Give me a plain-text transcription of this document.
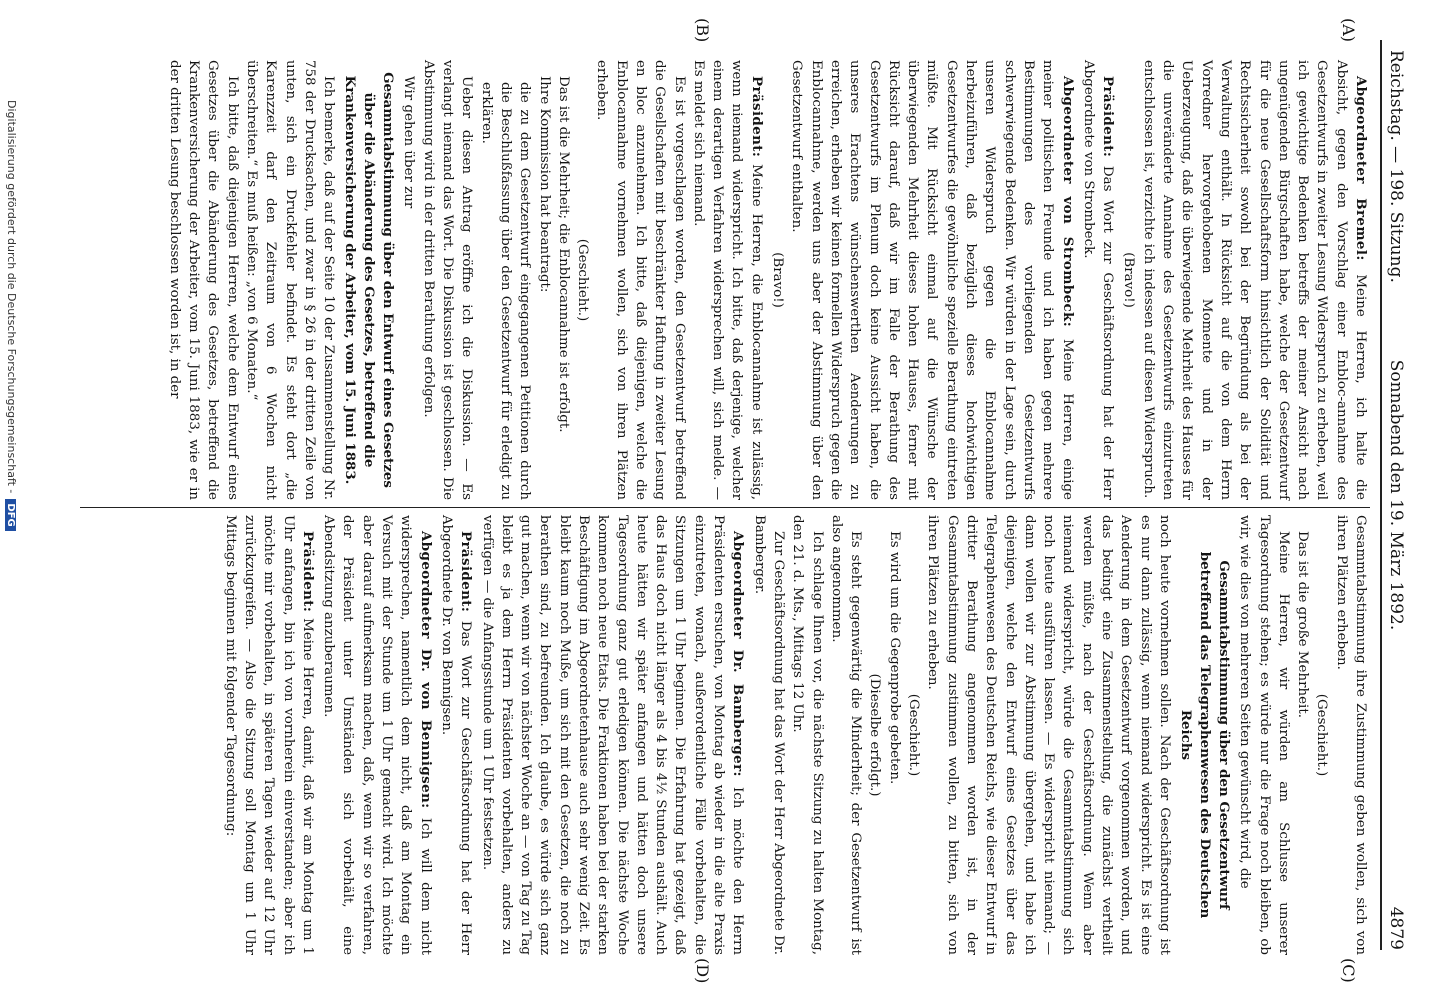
Reichstag. — 198. Sitzung.
Sonnabend den 19. März 1892.
4879
(A)
(B)
(C)
(D)

Abgeordneter Bremel: Meine Herren, ich halte die Absicht, gegen den Vorschlag einer Enbloc-annahme des Gesetzentwurfs in zweiter Lesung Widerspruch zu erheben, weil ich gewichtige Bedenken betreffs der meiner Ansicht nach ungenügenden Bürgschaften habe, welche der Gesetzentwurf für die neue Gesellschaftsform hinsichtlich der Solidität und Rechtssicherheit sowohl bei der Begründung als bei der Verwaltung enthält. In Rücksicht auf die von dem Herrn Vorredner hervorgehobenen Momente und in der Ueberzeugung, daß die überwiegende Mehrheit des Hauses für die unveränderte Annahme des Gesetzentwurfs einzutreten entschlossen ist, verzichte ich indessen auf diesen Widerspruch.

(Bravo!)

Präsident: Das Wort zur Geschäftsordnung hat der Herr Abgeordnete von Strombeck.

Abgeordneter von Strombeck: Meine Herren, einige meiner politischen Freunde und ich haben gegen mehrere Bestimmungen des vorliegenden Gesetzentwurfs schwerwiegende Bedenken. Wir würden in der Lage sein, durch unseren Widerspruch gegen die Enblocannahme herbeizuführen, daß bezüglich dieses hochwichtigen Gesetzentwurfes die gewöhnliche spezielle Berathung eintreten müßte. Mit Rücksicht einmal auf die Wünsche der überwiegenden Mehrheit dieses hohen Hauses, ferner mit Rücksicht darauf, daß wir im Falle der Berathung des Gesetzentwurfs im Plenum doch keine Aussicht haben, die unseres Erachtens wünschenswerthen Aenderungen zu erreichen, erheben wir keinen formellen Widerspruch gegen die Enblocannahme, werden uns aber der Abstimmung über den Gesetzentwurf enthalten.

(Bravo!)

Präsident: Meine Herren, die Enblocannahme ist zulässig, wenn niemand widerspricht. Ich bitte, daß derjenige, welcher einem derartigen Verfahren widersprechen will, sich melde. — Es meldet sich niemand.

Es ist vorgeschlagen worden, den Gesetzentwurf betreffend die Gesellschaften mit beschränkter Haftung in zweiter Lesung en bloc anzunehmen. Ich bitte, daß diejenigen, welche die Enblocannahme vornehmen wollen, sich von ihren Plätzen erheben.

(Geschieht.)

Das ist die Mehrheit; die Enblocannahme ist erfolgt.

Ihre Kommission hat beantragt:

die zu dem Gesetzentwurf eingegangenen Petitionen durch die Beschlußfassung über den Gesetzentwurf für erledigt zu erklären.

Ueber diesen Antrag eröffne ich die Diskussion. — Es verlangt niemand das Wort. Die Diskussion ist geschlossen. Die Abstimmung wird in der dritten Berathung erfolgen.

Wir gehen über zur

Gesammtabstimmung über den Entwurf eines Gesetzes über die Abänderung des Gesetzes, betreffend die Krankenversicherung der Arbeiter, vom 15. Juni 1883.

Ich bemerke, daß auf der Seite 10 der Zusammenstellung Nr. 758 der Drucksachen, und zwar in § 26 in der dritten Zeile von unten, sich ein Druckfehler befindet. Es steht dort „die Karenzzeit darf den Zeitraum von 6 Wochen nicht überschreiten.“ Es muß heißen: „von 6 Monaten.“

Ich bitte, daß diejenigen Herren, welche dem Entwurf eines Gesetzes über die Abänderung des Gesetzes, betreffend die Krankenversicherung der Arbeiter, vom 15. Juni 1883, wie er in der dritten Lesung beschlossen worden ist, in der

Gesammtabstimmung ihre Zustimmung geben wollen, sich von ihren Plätzen erheben.

(Geschieht.)

Das ist die große Mehrheit.

Meine Herren, wir würden am Schlusse unserer Tagesordnung stehen; es würde nur die Frage noch bleiben, ob wir, wie dies von mehreren Seiten gewünscht wird, die

Gesammtabstimmung über den Gesetzentwurf betreffend das Telegraphenwesen des Deutschen Reichs

noch heute vornehmen sollen. Nach der Geschäftsordnung ist es nur dann zulässig, wenn niemand widerspricht. Es ist eine Aenderung in dem Gesetzentwurf vorgenommen worden, und das bedingt eine Zusammenstellung, die zunächst vertheilt werden müßte, nach der Geschäftsordnung. Wenn aber niemand widerspricht, würde die Gesammtabstimmung sich noch heute ausführen lassen. — Es widerspricht niemand; — dann wollen wir zur Abstimmung übergehen, und habe ich diejenigen, welche den Entwurf eines Gesetzes über das Telegraphenwesen des Deutschen Reichs, wie dieser Entwurf in dritter Berathung angenommen worden ist, in der Gesammtabstimmung zustimmen wollen, zu bitten, sich von ihren Plätzen zu erheben.

(Geschieht.)

Es wird um die Gegenprobe gebeten.

(Dieselbe erfolgt.)

Es steht gegenwärtig die Minderheit; der Gesetzentwurf ist also angenommen.

Ich schlage Ihnen vor, die nächste Sitzung zu halten Montag, den 21. d. Mts., Mittags 12 Uhr.

Zur Geschäftsordnung hat das Wort der Herr Abgeordnete Dr. Bamberger.

Abgeordneter Dr. Bamberger: Ich möchte den Herrn Präsidenten ersuchen, von Montag ab wieder in die alte Praxis einzutreten, wonach, außerordentliche Fälle vorbehalten, die Sitzungen um 1 Uhr beginnen. Die Erfahrung hat gezeigt, daß das Haus doch nicht länger als 4 bis 4½ Stunden aushält. Auch heute hätten wir später anfangen und hätten doch unsere Tagesordnung ganz gut erledigen können. Die nächste Woche kommen noch neue Etats. Die Fraktionen haben bei der starken Beschäftigung im Abgeordnetenhause auch sehr wenig Zeit. Es bleibt kaum noch Muße, um sich mit den Gesetzen, die noch zu berathen sind, zu befreunden. Ich glaube, es würde sich ganz gut machen, wenn wir von nächster Woche an — von Tag zu Tag bleibt es ja dem Herrn Präsidenten vorbehalten, anders zu verfügen — die Anfangsstunde um 1 Uhr festsetzen.

Präsident: Das Wort zur Geschäftsordnung hat der Herr Abgeordnete Dr. von Bennigsen.

Abgeordneter Dr. von Bennigsen: Ich will dem nicht widersprechen, namentlich dem nicht, daß am Montag ein Versuch mit der Stunde um 1 Uhr gemacht wird. Ich möchte aber darauf aufmerksam machen, daß, wenn wir so verfahren, der Präsident unter Umständen sich vorbehält, eine Abendsitzung anzuberaumen.

Präsident: Meine Herren, damit, daß wir am Montag um 1 Uhr anfangen, bin ich von vornherein einverstanden; aber ich möchte mir vorbehalten, in späteren Tagen wieder auf 12 Uhr zurückzugreifen. — Also die Sitzung soll Montag um 1 Uhr Mittags beginnen mit folgender Tagesordnung:

Digitalisierung gefördert durch die Deutsche Forschungsgemeinschaft -DFG
